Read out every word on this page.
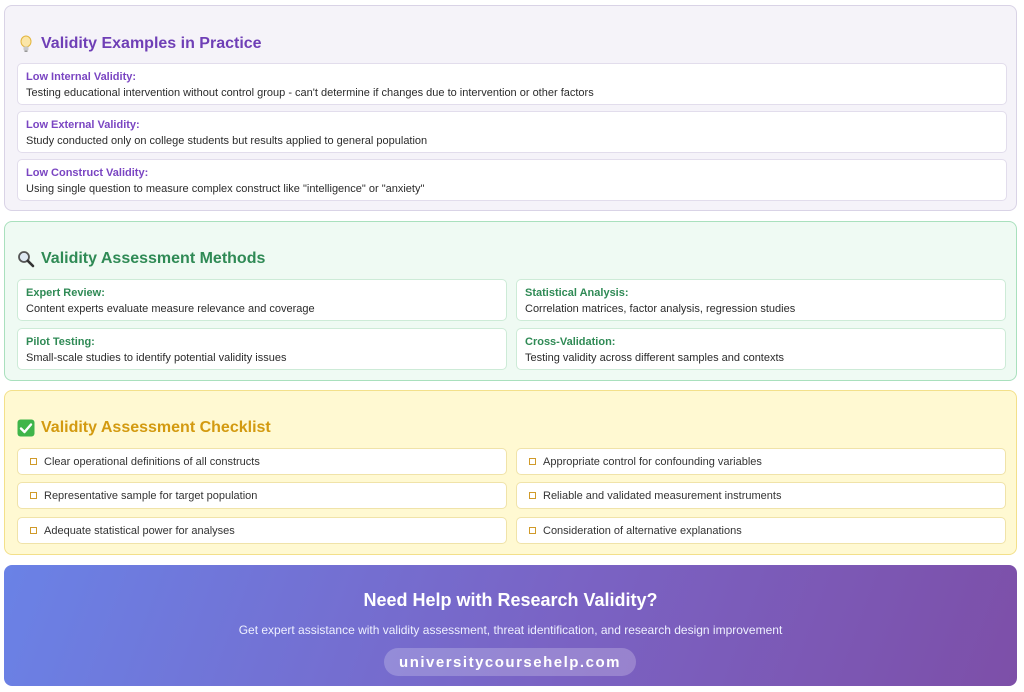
Validity Examples in Practice
Low Internal Validity:
Testing educational intervention without control group - can't determine if changes due to intervention or other factors
Low External Validity:
Study conducted only on college students but results applied to general population
Low Construct Validity:
Using single question to measure complex construct like "intelligence" or "anxiety"
Validity Assessment Methods
Expert Review:
Content experts evaluate measure relevance and coverage
Statistical Analysis:
Correlation matrices, factor analysis, regression studies
Pilot Testing:
Small-scale studies to identify potential validity issues
Cross-Validation:
Testing validity across different samples and contexts
Validity Assessment Checklist
Clear operational definitions of all constructs	Appropriate control for confounding variables
Representative sample for target population	Reliable and validated measurement instruments
Adequate statistical power for analyses	Consideration of alternative explanations
Need Help with Research Validity?
Get expert assistance with validity assessment, threat identification, and research design improvement
universitycoursehelp.com
